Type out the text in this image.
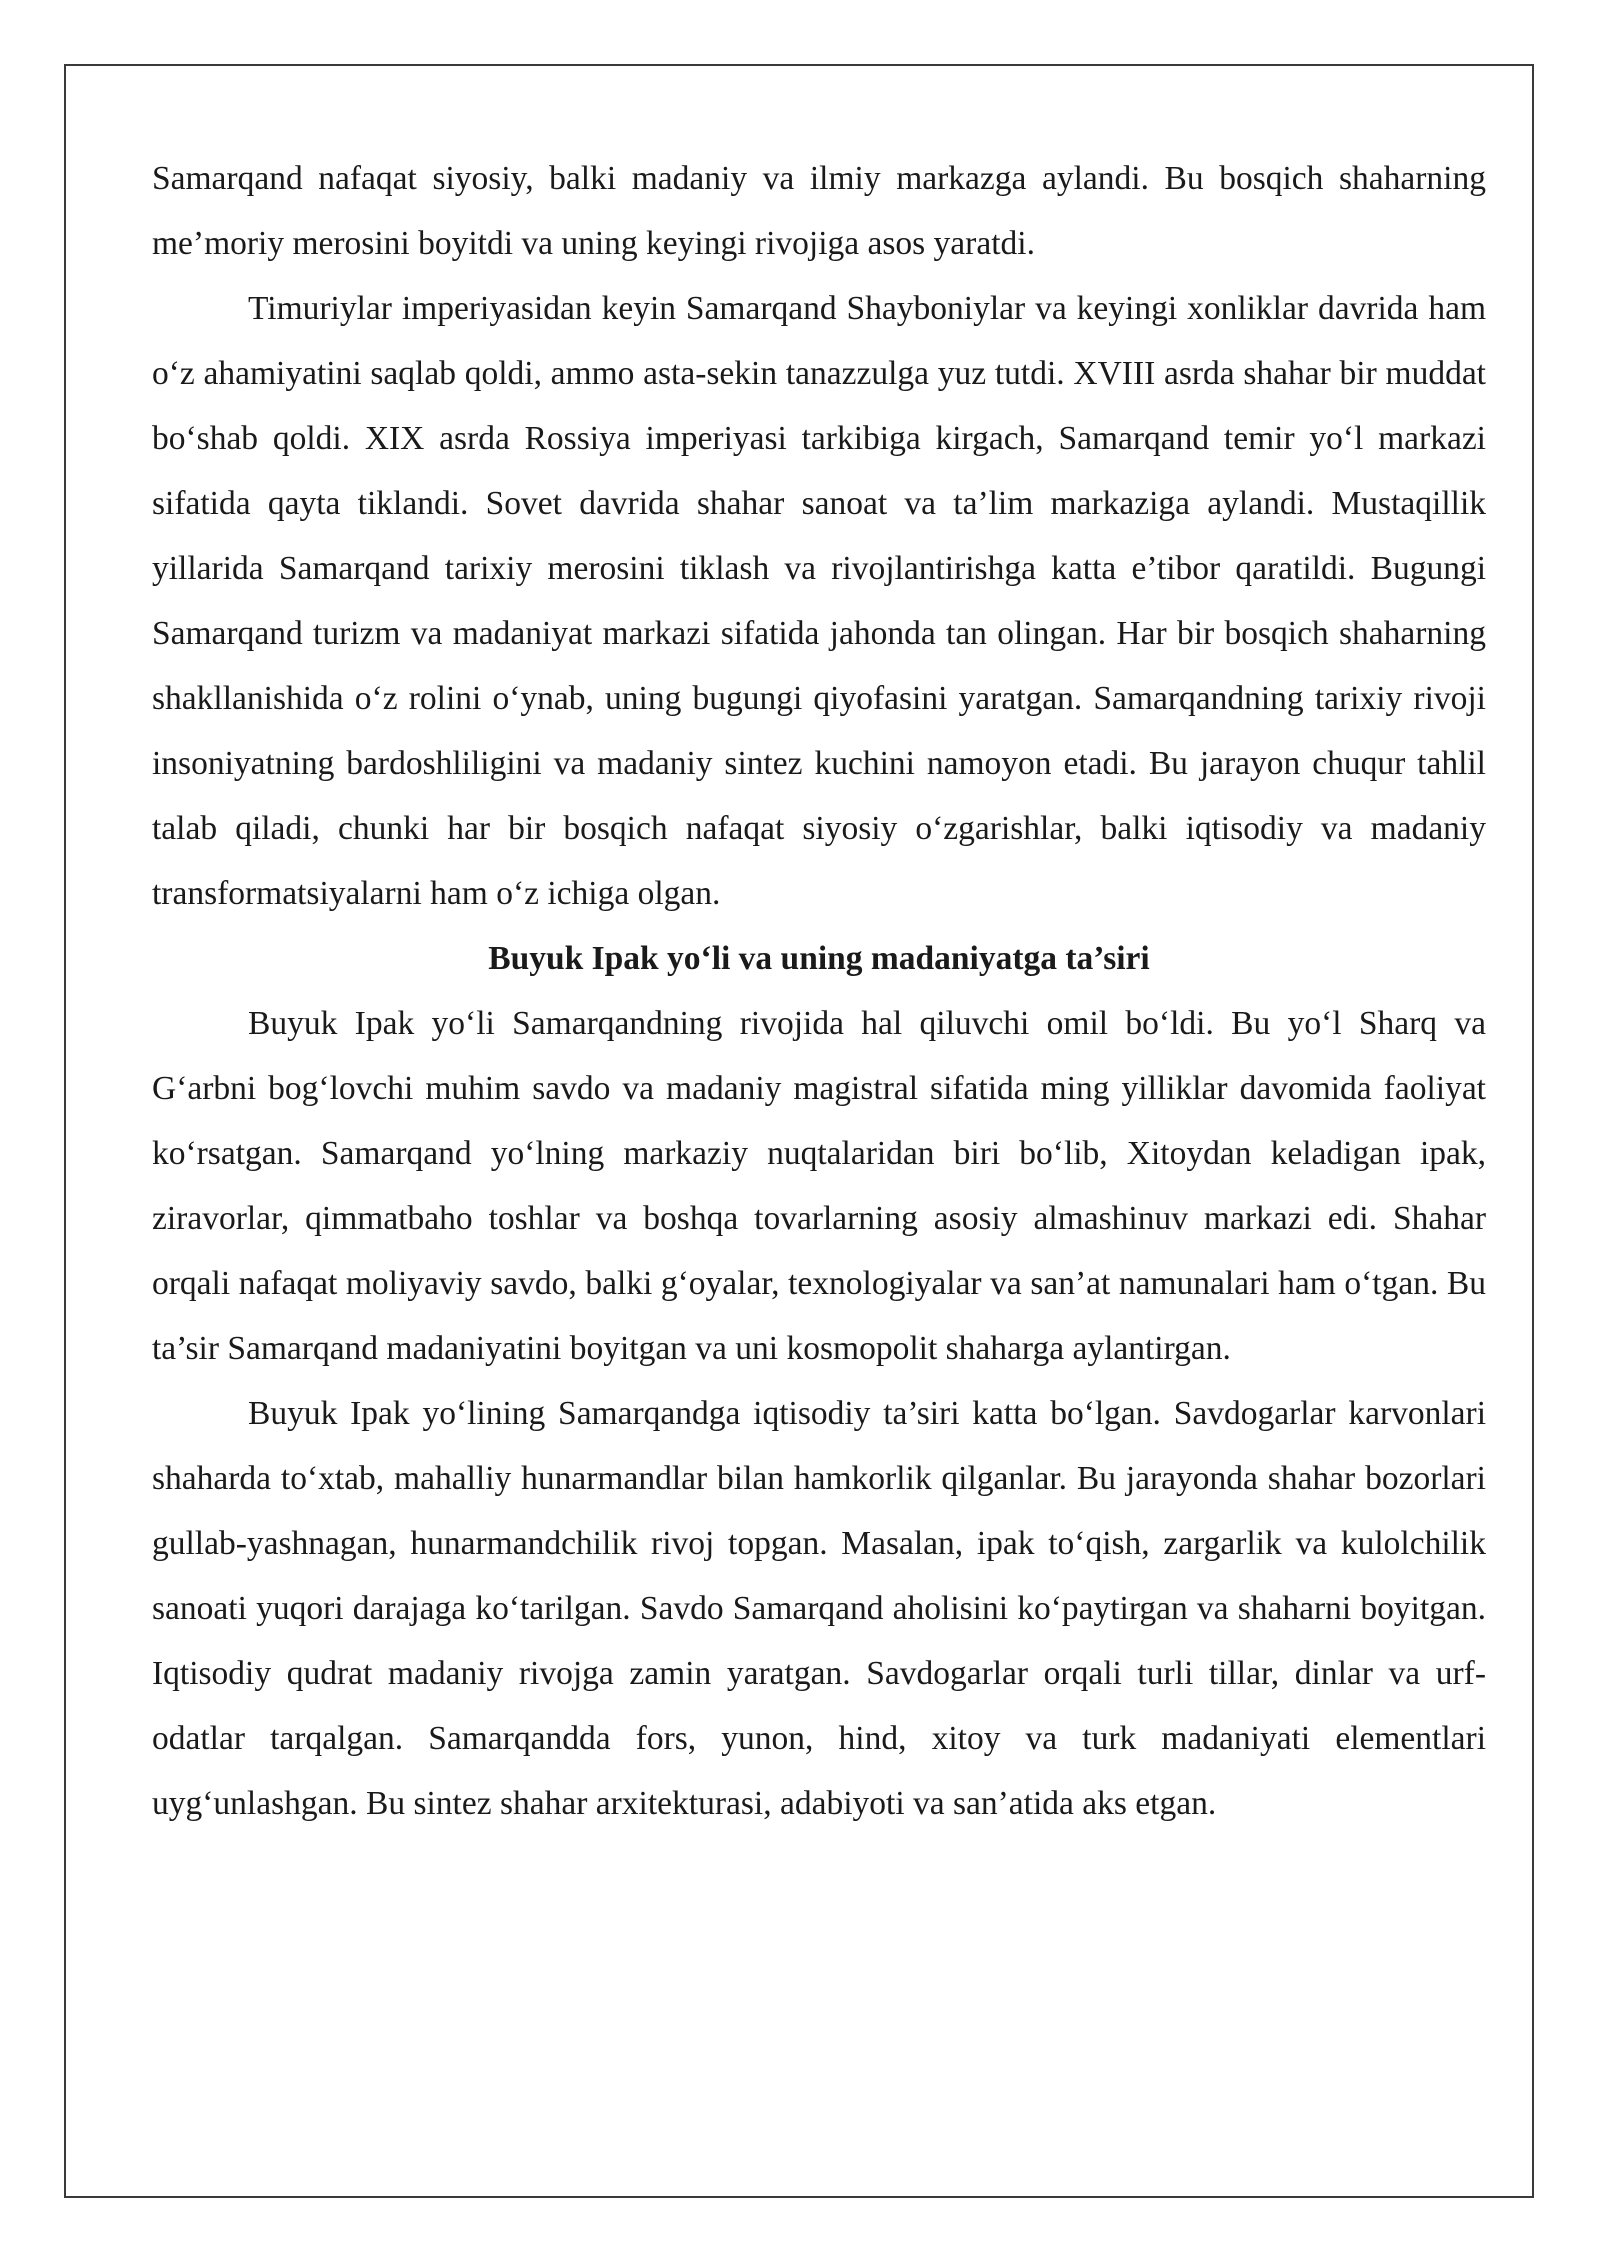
Samarqand nafaqat siyosiy, balki madaniy va ilmiy markazga aylandi. Bu bosqich shaharning me’moriy merosini boyitdi va uning keyingi rivojiga asos yaratdi.

Timuriylar imperiyasidan keyin Samarqand Shayboniylar va keyingi xonliklar davrida ham o‘z ahamiyatini saqlab qoldi, ammo asta-sekin tanazzulga yuz tutdi. XVIII asrda shahar bir muddat bo‘shab qoldi. XIX asrda Rossiya imperiyasi tarkibiga kirgach, Samarqand temir yo‘l markazi sifatida qayta tiklandi. Sovet davrida shahar sanoat va ta’lim markaziga aylandi. Mustaqillik yillarida Samarqand tarixiy merosini tiklash va rivojlantirishga katta e’tibor qaratildi. Bugungi Samarqand turizm va madaniyat markazi sifatida jahonda tan olingan. Har bir bosqich shaharning shakllanishida o‘z rolini o‘ynab, uning bugungi qiyofasini yaratgan. Samarqandning tarixiy rivoji insoniyatning bardoshliligini va madaniy sintez kuchini namoyon etadi. Bu jarayon chuqur tahlil talab qiladi, chunki har bir bosqich nafaqat siyosiy o‘zgarishlar, balki iqtisodiy va madaniy transformatsiyalarni ham o‘z ichiga olgan.

Buyuk Ipak yo‘li va uning madaniyatga ta’siri

Buyuk Ipak yo‘li Samarqandning rivojida hal qiluvchi omil bo‘ldi. Bu yo‘l Sharq va G‘arbni bog‘lovchi muhim savdo va madaniy magistral sifatida ming yilliklar davomida faoliyat ko‘rsatgan. Samarqand yo‘lning markaziy nuqtalaridan biri bo‘lib, Xitoydan keladigan ipak, ziravorlar, qimmatbaho toshlar va boshqa tovarlarning asosiy almashinuv markazi edi. Shahar orqali nafaqat moliyaviy savdo, balki g‘oyalar, texnologiyalar va san’at namunalari ham o‘tgan. Bu ta’sir Samarqand madaniyatini boyitgan va uni kosmopolit shaharga aylantirgan.

Buyuk Ipak yo‘lining Samarqandga iqtisodiy ta’siri katta bo‘lgan. Savdogarlar karvonlari shaharda to‘xtab, mahalliy hunarmandlar bilan hamkorlik qilganlar. Bu jarayonda shahar bozorlari gullab-yashnagan, hunarmandchilik rivoj topgan. Masalan, ipak to‘qish, zargarlik va kulolchilik sanoati yuqori darajaga ko‘tarilgan. Savdo Samarqand aholisini ko‘paytirgan va shaharni boyitgan. Iqtisodiy qudrat madaniy rivojga zamin yaratgan. Savdogarlar orqali turli tillar, dinlar va urf-odatlar tarqalgan. Samarqandda fors, yunon, hind, xitoy va turk madaniyati elementlari uyg‘unlashgan. Bu sintez shahar arxitekturasi, adabiyoti va san’atida aks etgan.
